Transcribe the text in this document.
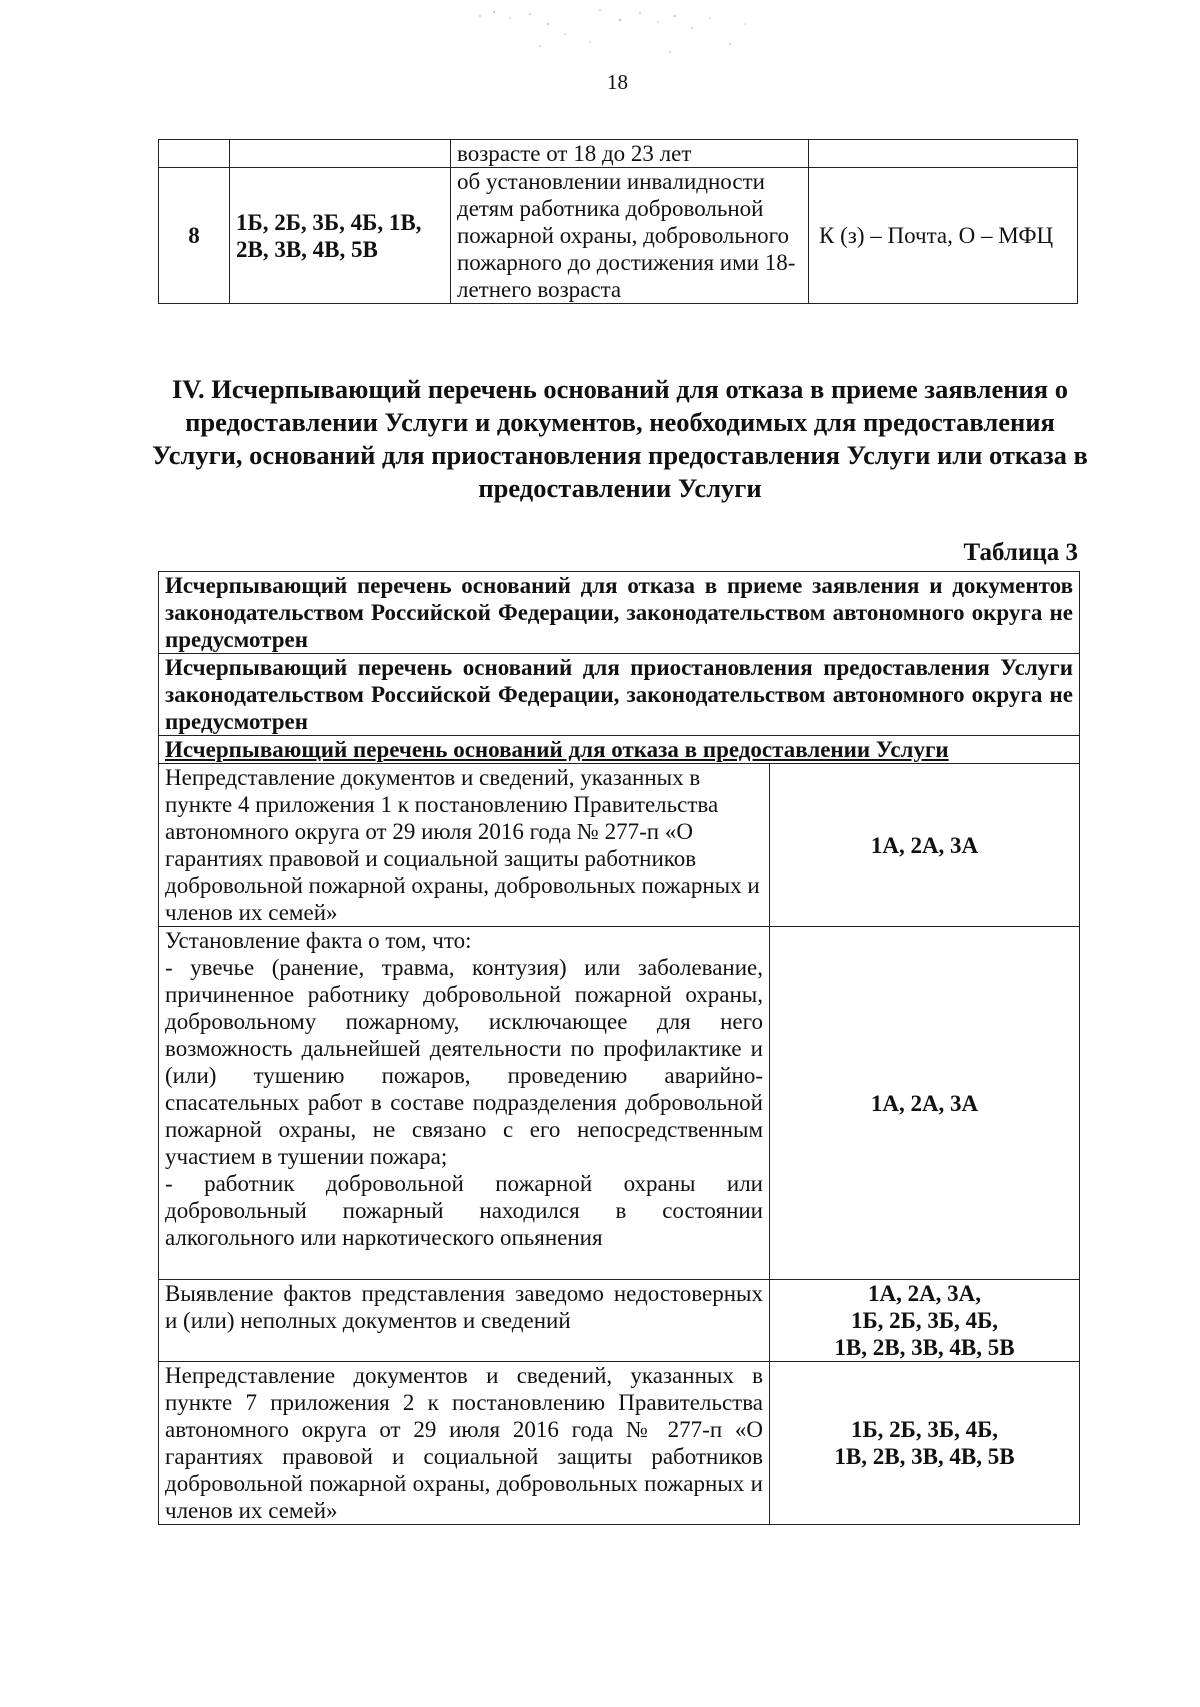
18
		возрасте от 18 до 23 лет	
8	1Б, 2Б, 3Б, 4Б, 1В, 2В, 3В, 4В, 5В	об установлении инвалидности детям работника добровольной пожарной охраны, добровольного пожарного до достижения ими 18-летнего возраста	К (з) – Почта, О – МФЦ
IV. Исчерпывающий перечень оснований для отказа в приеме заявления о предоставлении Услуги и документов, необходимых для предоставления Услуги, оснований для приостановления предоставления Услуги или отказа в предоставлении Услуги
Таблица 3
Исчерпывающий перечень оснований для отказа в приеме заявления и документов законодательством Российской Федерации, законодательством автономного округа не предусмотрен	
Исчерпывающий перечень оснований для приостановления предоставления Услуги законодательством Российской Федерации, законодательством автономного округа не предусмотрен	
Исчерпывающий перечень оснований для отказа в предоставлении Услуги	
Непредставление документов и сведений, указанных в пункте 4 приложения 1 к постановлению Правительства автономного округа от 29 июля 2016 года № 277-п «О гарантиях правовой и социальной защиты работников добровольной пожарной охраны, добровольных пожарных и членов их семей»	1А, 2А, 3А

Установление факта о том, что:
- увечье (ранение, травма, контузия) или заболевание, причиненное работнику добровольной пожарной охраны, добровольному пожарному, исключающее для него возможность дальнейшей деятельности по профилактике и (или) тушению пожаров, проведению аварийно-спасательных работ в составе подразделения добровольной пожарной охраны, не связано с его непосредственным участием в тушении пожара;
- работник добровольной пожарной охраны или добровольный пожарный находился в состоянии алкогольного или наркотического опьянения	1А, 2А, 3А
Выявление фактов представления заведомо недостоверных и (или) неполных документов и сведений	1А, 2А, 3А,
1Б, 2Б, 3Б, 4Б,
1В, 2В, 3В, 4В, 5В

Непредставление документов и сведений, указанных в пункте 7 приложения 2 к постановлению Правительства автономного округа от 29 июля 2016 года № 277-п «О гарантиях правовой и социальной защиты работников добровольной пожарной охраны, добровольных пожарных и членов их семей»	1Б, 2Б, 3Б, 4Б,
1В, 2В, 3В, 4В, 5В
